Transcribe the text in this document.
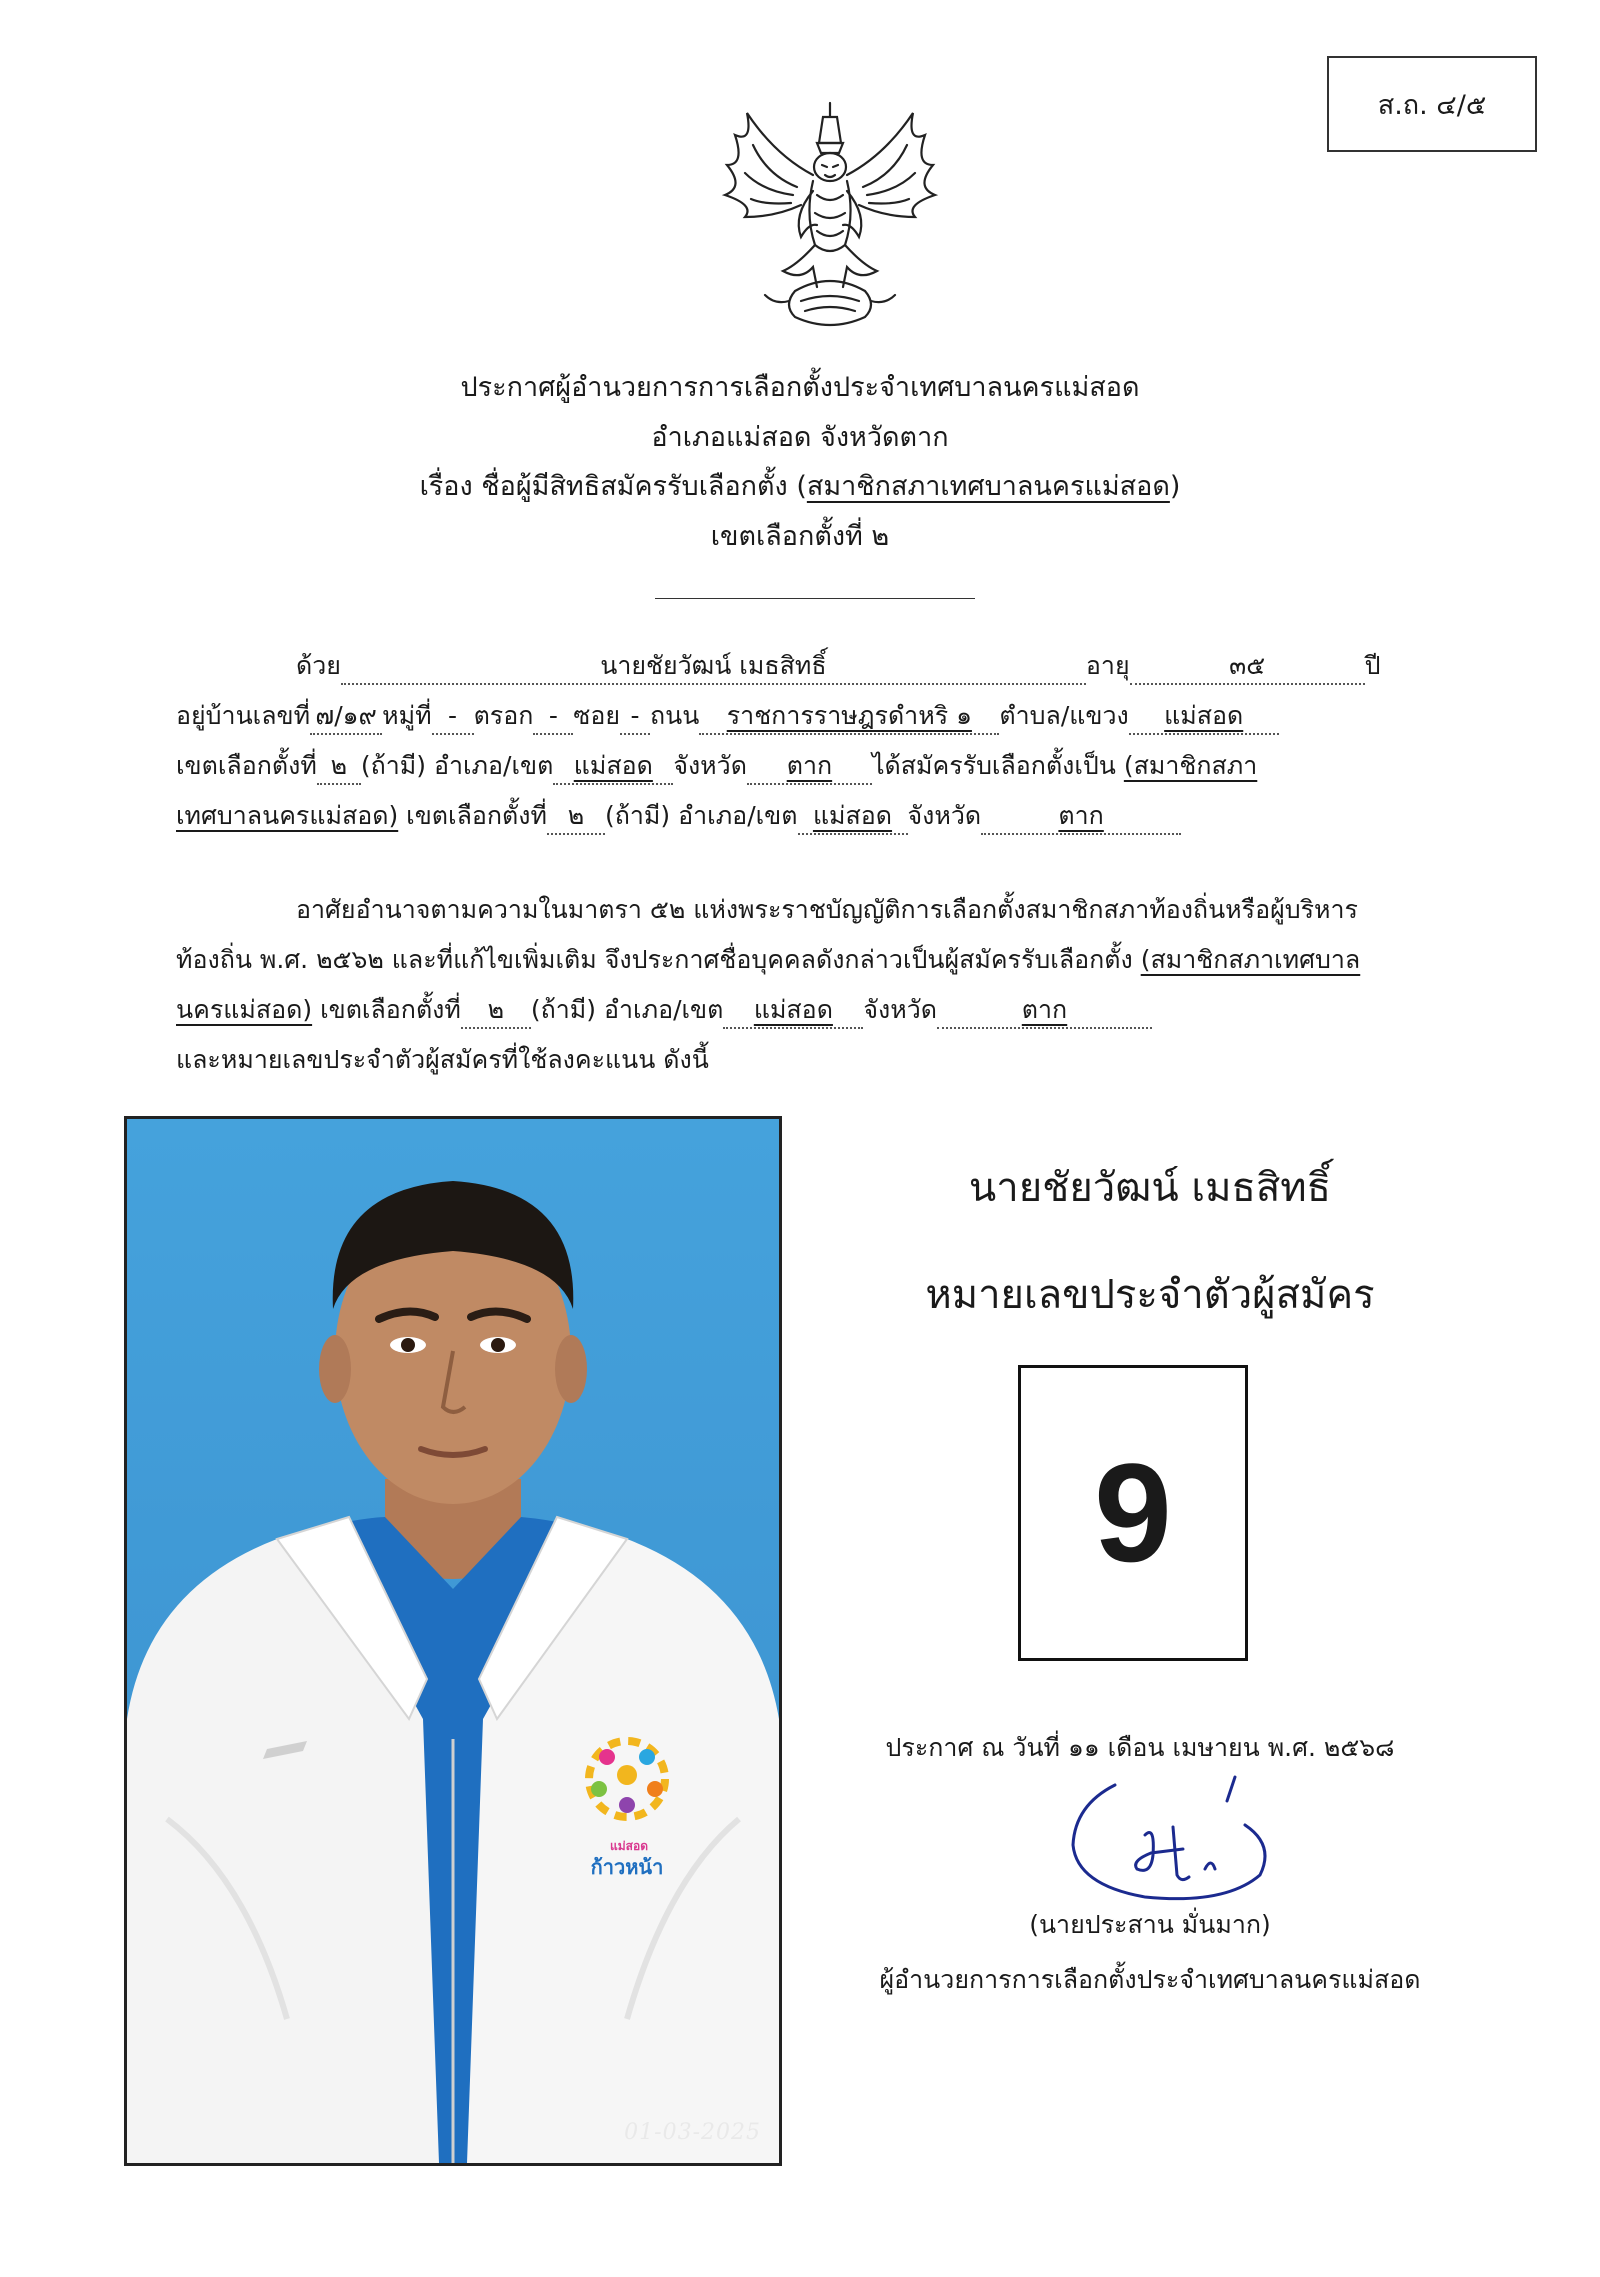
ส.ถ. ๔/๕
ประกาศผู้อำนวยการการเลือกตั้งประจำเทศบาลนครแม่สอด
อำเภอแม่สอด จังหวัดตาก
เรื่อง ชื่อผู้มีสิทธิสมัครรับเลือกตั้ง (สมาชิกสภาเทศบาลนครแม่สอด)
เขตเลือกตั้งที่ ๒
ด้วย	นายชัยวัฒน์ เมธสิทธิ์	อายุ	๓๕	ปี
อยู่บ้านเลขที่ ๗/๑๙ หมู่ที่ - ตรอก - ซอย - ถนน ราชการราษฎรดำหริ ๑ ตำบล/แขวง แม่สอด
เขตเลือกตั้งที่ ๒ (ถ้ามี) อำเภอ/เขต แม่สอด จังหวัด ตาก ได้สมัครรับเลือกตั้งเป็น (สมาชิกสภา
เทศบาลนครแม่สอด) เขตเลือกตั้งที่ ๒ (ถ้ามี) อำเภอ/เขต แม่สอด จังหวัด	ตาก
อาศัยอำนาจตามความในมาตรา ๕๒ แห่งพระราชบัญญัติการเลือกตั้งสมาชิกสภาท้องถิ่นหรือผู้บริหาร
ท้องถิ่น พ.ศ. ๒๕๖๒ และที่แก้ไขเพิ่มเติม จึงประกาศชื่อบุคคลดังกล่าวเป็นผู้สมัครรับเลือกตั้ง (สมาชิกสภาเทศบาล
นครแม่สอด) เขตเลือกตั้งที่ ๒ (ถ้ามี) อำเภอ/เขต แม่สอด จังหวัด	ตาก
และหมายเลขประจำตัวผู้สมัครที่ใช้ลงคะแนน ดังนี้
แม่สอด
ก้าวหน้า
01-03-2025
นายชัยวัฒน์ เมธสิทธิ์
หมายเลขประจำตัวผู้สมัคร
9
ประกาศ ณ วันที่ ๑๑ เดือน เมษายน พ.ศ. ๒๕๖๘
(นายประสาน มั่นมาก)
ผู้อำนวยการการเลือกตั้งประจำเทศบาลนครแม่สอด
